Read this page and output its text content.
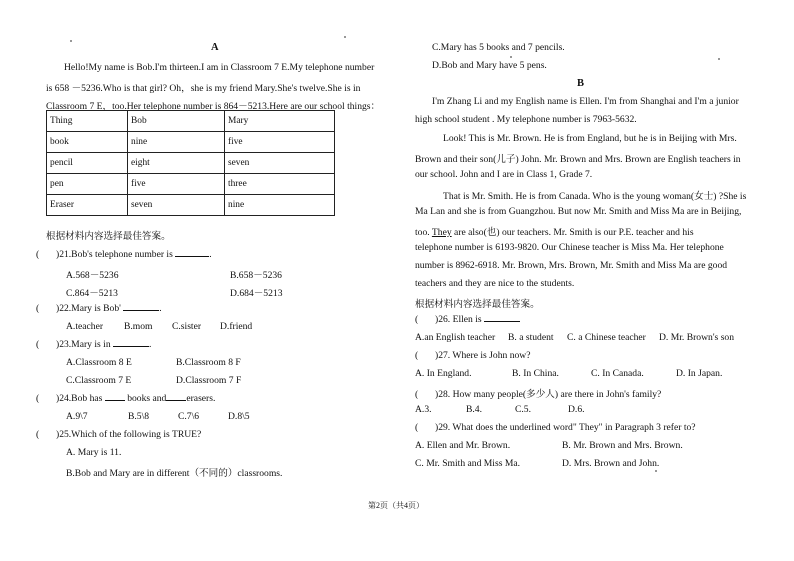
A
Hello!My name is Bob.I'm thirteen.I am in Classroom 7 E.My telephone number
is 658 －5236.Who is that girl? Oh，she is my friend Mary.She's twelve.She is in
Classroom 7 E，too.Her telephone number is 864－5213.Here are our school things：
Thing	Bob	Mary
book	nine	five
pencil	eight	seven
pen	five	three
Eraser	seven	nine
根据材料内容选择最佳答案。
( )21.Bob's telephone number is	.
A.568－5236	B.658－5236
C.864－5213	D.684－5213
( )22.Mary is Bob'	.
A.teacher B.mom C.sister D.friend
( )23.Mary is in	.
A.Classroom 8 E	B.Classroom 8 F
C.Classroom 7 E	D.Classroom 7 F
( )24.Bob has	books and erasers.
A.9\7	B.5\8	C.7\6	D.8\5
( )25.Which of the following is TRUE?
A. Mary is 11.
B.Bob and Mary are in different（不同的）classrooms.
C.Mary has 5 books and 7 pencils.
D.Bob and Mary have 5 pens.
B
I'm Zhang Li and my English name is Ellen. I'm from Shanghai and I'm a junior
high school student . My telephone number is 7963-5632.
Look! This is Mr. Brown. He is from England, but he is in Beijing with Mrs.
Brown and their son(儿子) John. Mr. Brown and Mrs. Brown are English teachers in
our school. John and I are in Class 1, Grade 7.
That is Mr. Smith. He is from Canada. Who is the young woman(女士) ?She is
Ma Lan and she is from Guangzhou. But now Mr. Smith and Miss Ma are in Beijing,
too. They are also(也) our teachers. Mr. Smith is our P.E. teacher and his
telephone number is 6193-9820. Our Chinese teacher is Miss Ma. Her telephone
number is 8962-6918. Mr. Brown, Mrs. Brown, Mr. Smith and Miss Ma are good
teachers and they are nice to the students.
根据材料内容选择最佳答案。
( )26. Ellen is
A.an English teacher B. a student C. a Chinese teacher D. Mr. Brown's son
( )27. Where is John now?
A. In England.	B. In China.	C. In Canada.	D. In Japan.
( )28. How many people(多少人) are there in John's family?
A.3.	B.4.	C.5.	D.6.
( )29. What does the underlined word" They" in Paragraph 3 refer to?
A. Ellen and Mr. Brown.	B. Mr. Brown and Mrs. Brown.
C. Mr. Smith and Miss Ma.	D. Mrs. Brown and John.
第2页（共4页）
